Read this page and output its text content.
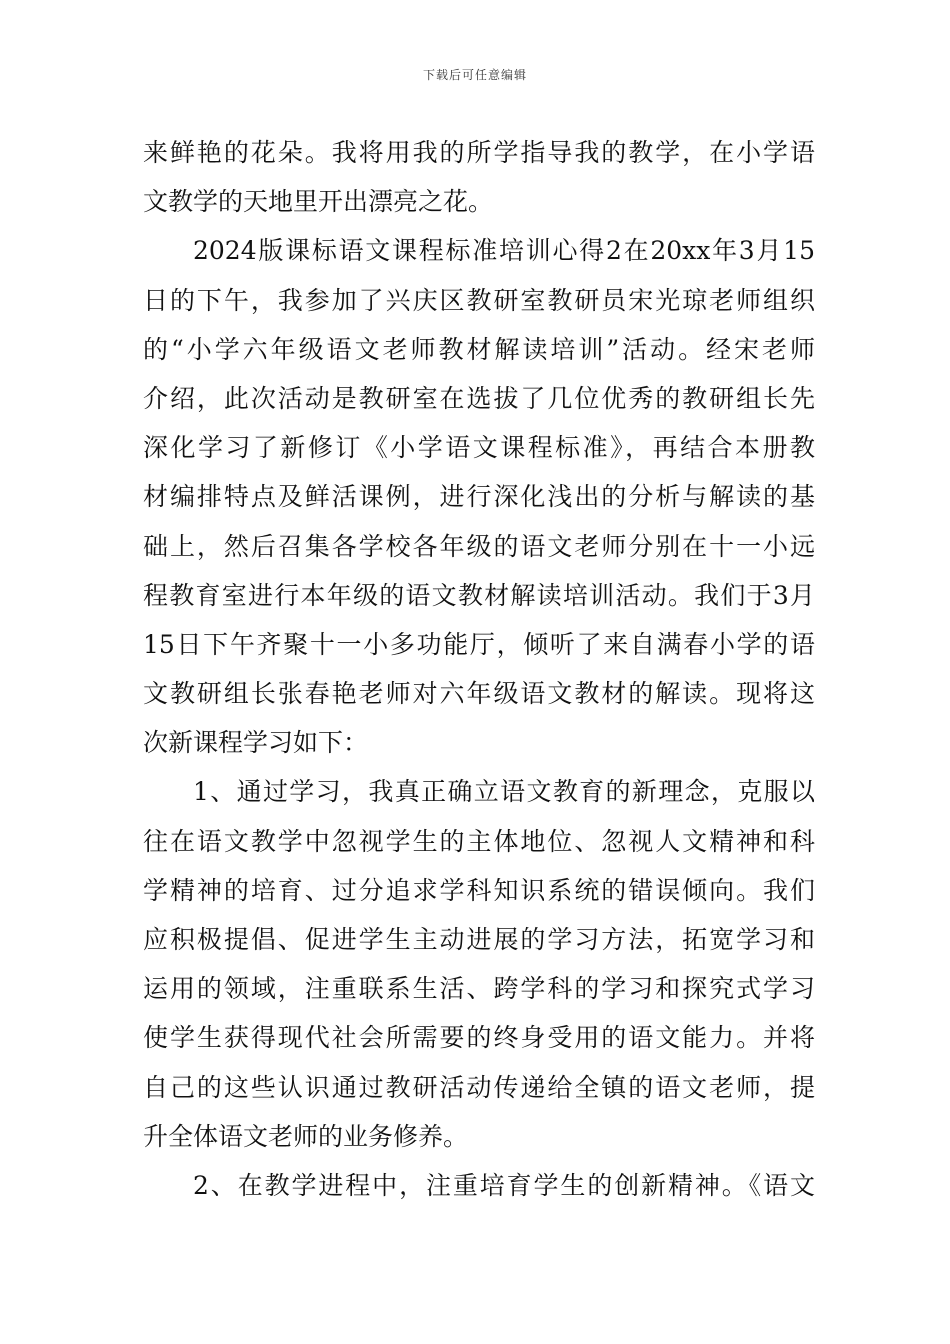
下载后可任意编辑
来鲜艳的花朵。我将用我的所学指导我的教学，在小学语
文教学的天地里开出漂亮之花。
2024版课标语文课程标准培训心得2在20xx年3月15
日的下午，我参加了兴庆区教研室教研员宋光琼老师组织
的“小学六年级语文老师教材解读培训”活动。经宋老师
介绍，此次活动是教研室在选拔了几位优秀的教研组长先
深化学习了新修订《小学语文课程标准》，再结合本册教
材编排特点及鲜活课例，进行深化浅出的分析与解读的基
础上，然后召集各学校各年级的语文老师分别在十一小远
程教育室进行本年级的语文教材解读培训活动。我们于3月
15日下午齐聚十一小多功能厅，倾听了来自满春小学的语
文教研组长张春艳老师对六年级语文教材的解读。现将这
次新课程学习如下：
1、通过学习，我真正确立语文教育的新理念，克服以
往在语文教学中忽视学生的主体地位、忽视人文精神和科
学精神的培育、过分追求学科知识系统的错误倾向。我们
应积极提倡、促进学生主动进展的学习方法，拓宽学习和
运用的领域，注重联系生活、跨学科的学习和探究式学习
使学生获得现代社会所需要的终身受用的语文能力。并将
自己的这些认识通过教研活动传递给全镇的语文老师，提
升全体语文老师的业务修养。
2、在教学进程中，注重培育学生的创新精神。《语文
